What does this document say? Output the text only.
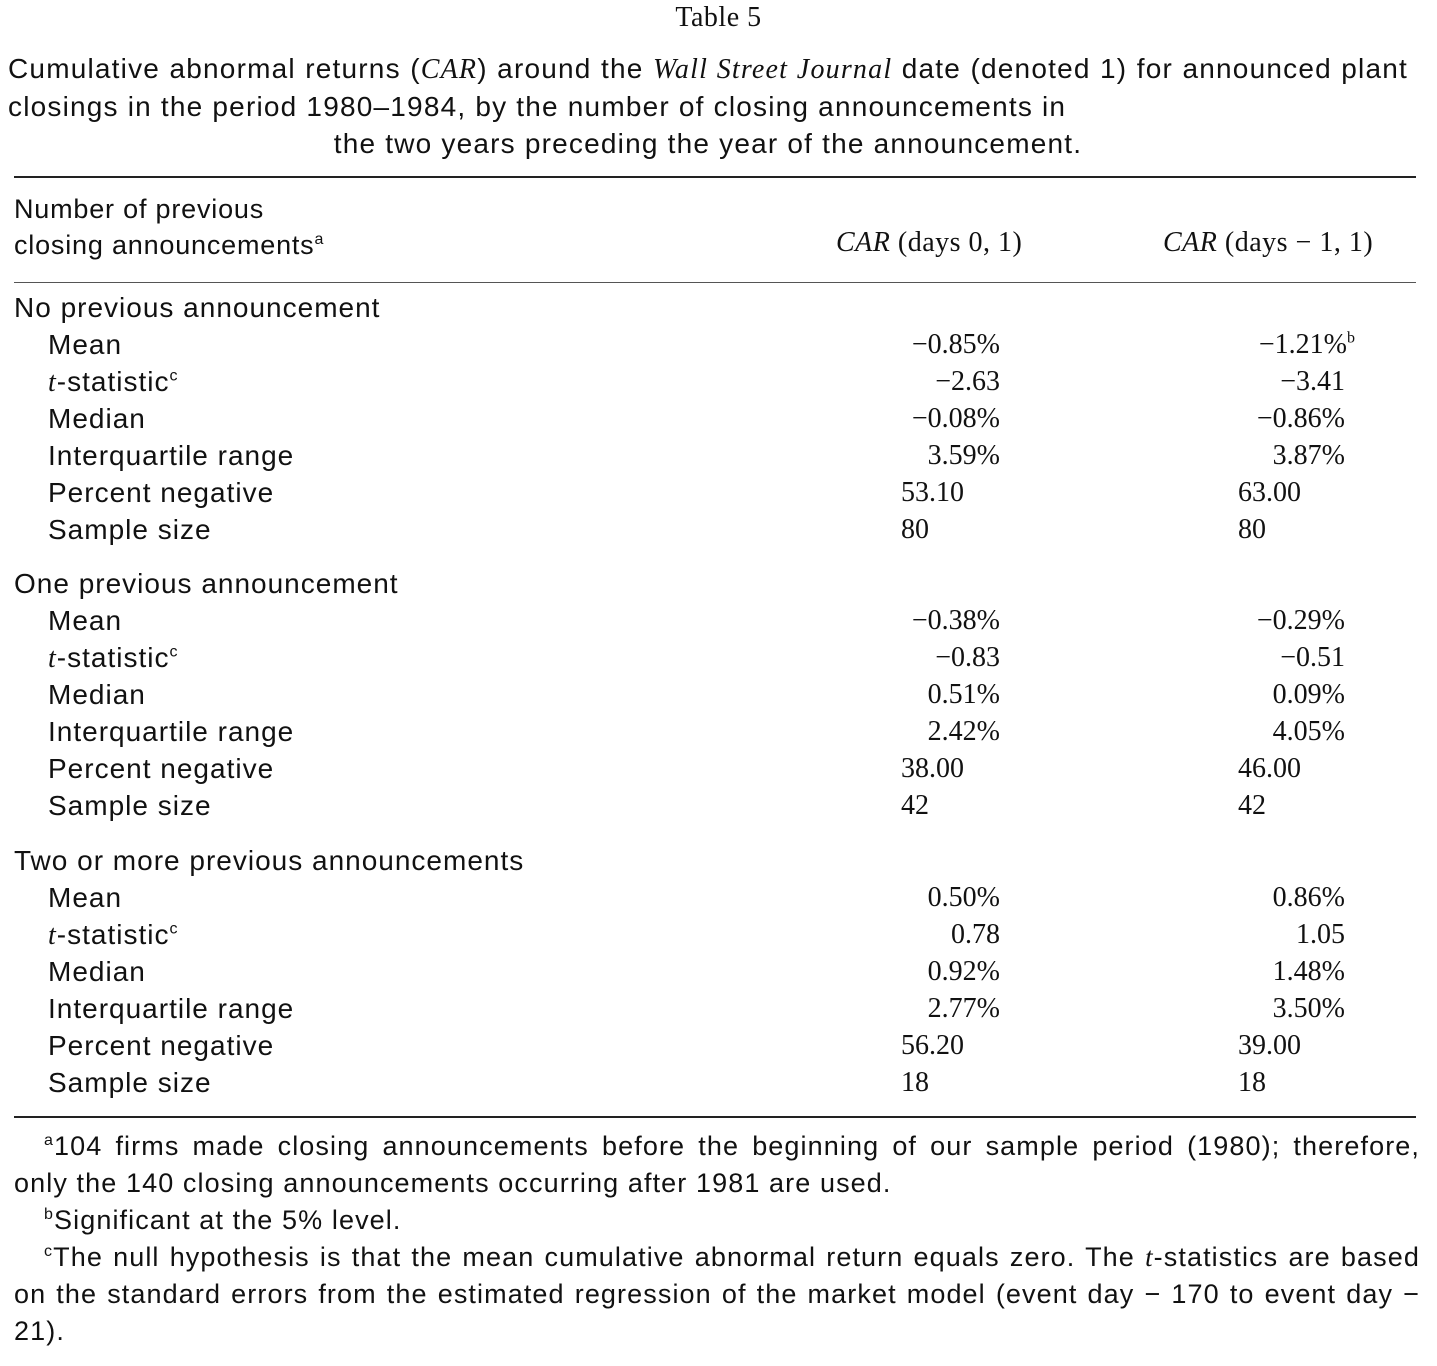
Table 5
Cumulative abnormal returns (CAR) around the Wall Street Journal date (denoted 1) for announced plant closings in the period 1980–1984, by the number of closing announcements in
the two years preceding the year of the announcement.
Number of previous
closing announcements$^a$	CAR (days 0, 1)	CAR (days − 1, 1)
No previous announcement
Mean	−0.85%	−1.21%$^b$
t-statistic$^c$	−2.63	−3.41
Median	−0.08%	−0.86%
Interquartile range	3.59%	3.87%
Percent negative	53.10	63.00
Sample size	80	80
One previous announcement
Mean	−0.38%	−0.29%
t-statistic$^c$	−0.83	−0.51
Median	0.51%	0.09%
Interquartile range	2.42%	4.05%
Percent negative	38.00	46.00
Sample size	42	42
Two or more previous announcements
Mean	0.50%	0.86%
t-statistic$^c$	0.78	1.05
Median	0.92%	1.48%
Interquartile range	2.77%	3.50%
Percent negative	56.20	39.00
Sample size	18	18

$^a$104 firms made closing announcements before the beginning of our sample period (1980); therefore, only the 140 closing announcements occurring after 1981 are used.

$^b$Significant at the 5% level.

$^c$The null hypothesis is that the mean cumulative abnormal return equals zero. The t-statistics are based on the standard errors from the estimated regression of the market model (event day − 170 to event day − 21).
